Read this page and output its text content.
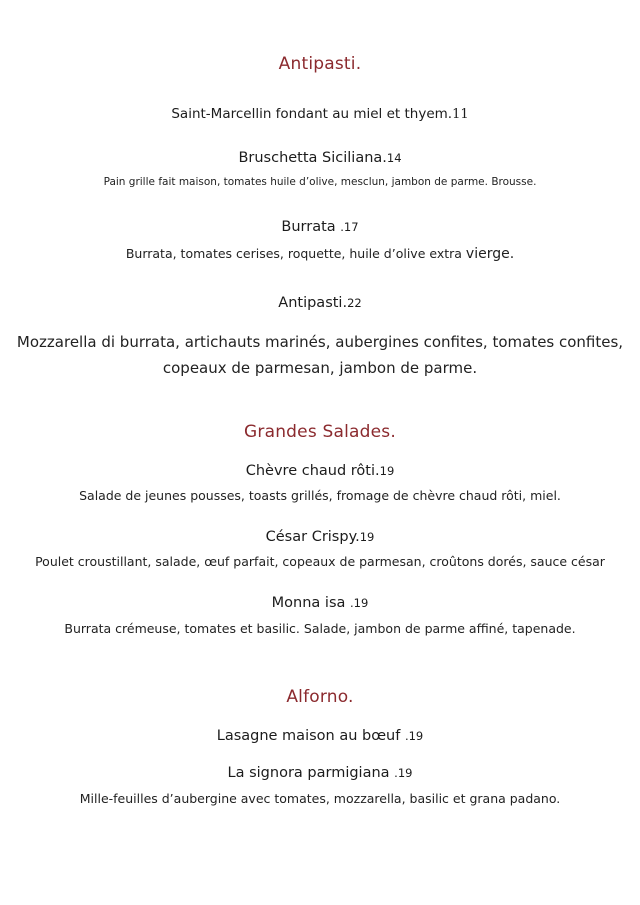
Antipasti.
Saint-Marcellin fondant au miel et thyem.11
Bruschetta Siciliana.14
Pain grille fait maison, tomates huile d’olive, mesclun, jambon de parme. Brousse.
Burrata .17
Burrata, tomates cerises, roquette, huile d’olive extra vierge.
Antipasti.22
Mozzarella di burrata, artichauts marinés, aubergines confites, tomates confites,
copeaux de parmesan, jambon de parme.
Grandes Salades.
Chèvre chaud rôti.19
Salade de jeunes pousses, toasts grillés, fromage de chèvre chaud rôti, miel.
César Crispy.19
Poulet croustillant, salade, œuf parfait, copeaux de parmesan, croûtons dorés, sauce césar
Monna isa .19
Burrata crémeuse, tomates et basilic. Salade, jambon de parme affiné, tapenade.
Alforno.
Lasagne maison au bœuf .19
La signora parmigiana .19
Mille-feuilles d’aubergine avec tomates, mozzarella, basilic et grana padano.
